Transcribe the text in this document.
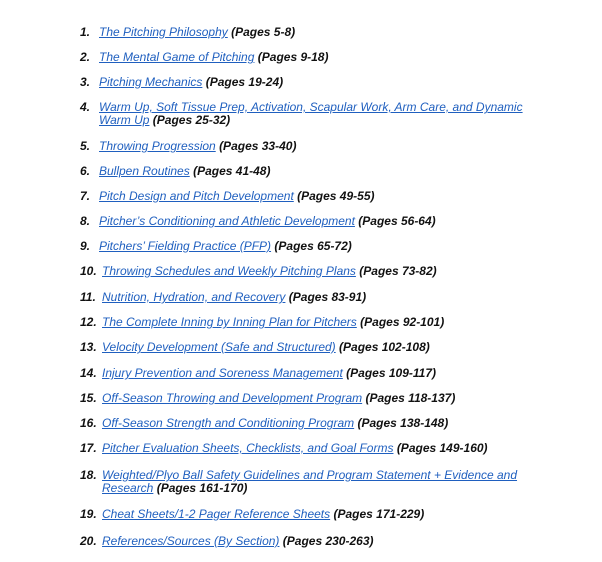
1. The Pitching Philosophy (Pages 5-8)
2. The Mental Game of Pitching (Pages 9-18)
3. Pitching Mechanics (Pages 19-24)
4. Warm Up, Soft Tissue Prep, Activation, Scapular Work, Arm Care, and Dynamic Warm Up (Pages 25-32)
5. Throwing Progression (Pages 33-40)
6. Bullpen Routines (Pages 41-48)
7. Pitch Design and Pitch Development (Pages 49-55)
8. Pitcher’s Conditioning and Athletic Development (Pages 56-64)
9. Pitchers’ Fielding Practice (PFP) (Pages 65-72)
10. Throwing Schedules and Weekly Pitching Plans (Pages 73-82)
11. Nutrition, Hydration, and Recovery (Pages 83-91)
12. The Complete Inning by Inning Plan for Pitchers (Pages 92-101)
13. Velocity Development (Safe and Structured) (Pages 102-108)
14. Injury Prevention and Soreness Management (Pages 109-117)
15. Off-Season Throwing and Development Program (Pages 118-137)
16. Off-Season Strength and Conditioning Program (Pages 138-148)
17. Pitcher Evaluation Sheets, Checklists, and Goal Forms (Pages 149-160)
18. Weighted/Plyo Ball Safety Guidelines and Program Statement + Evidence and Research (Pages 161-170)
19. Cheat Sheets/1-2 Pager Reference Sheets (Pages 171-229)
20. References/Sources (By Section) (Pages 230-263)
